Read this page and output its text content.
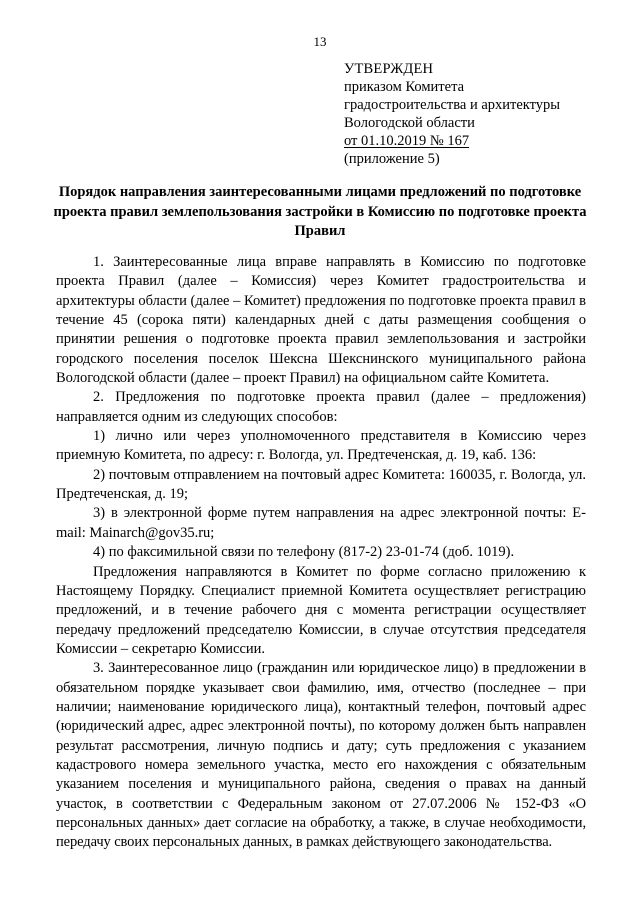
13
УТВЕРЖДЕН
приказом Комитета
градостроительства и архитектуры
Вологодской области
от 01.10.2019 № 167
(приложение 5)
Порядок направления заинтересованными лицами предложений по подготовке проекта правил землепользования застройки в Комиссию по подготовке проекта Правил

1. Заинтересованные лица вправе направлять в Комиссию по подготовке проекта Правил (далее – Комиссия) через Комитет градостроительства и архитектуры области (далее – Комитет) предложения по подготовке проекта правил в течение 45 (сорока пяти) календарных дней с даты размещения сообщения о принятии решения о подготовке проекта правил землепользования и застройки городского поселения поселок Шексна Шекснинского муниципального района Вологодской области (далее – проект Правил) на официальном сайте Комитета.

2. Предложения по подготовке проекта правил (далее – предложения) направляется одним из следующих способов:

1) лично или через уполномоченного представителя в Комиссию через приемную Комитета, по адресу: г. Вологда, ул. Предтеченская, д. 19, каб. 136:

2) почтовым отправлением на почтовый адрес Комитета: 160035, г. Вологда, ул. Предтеченская, д. 19;

3) в электронной форме путем направления на адрес электронной почты: E-mail: Mainarch@gov35.ru;

4) по факсимильной связи по телефону (817-2) 23-01-74 (доб. 1019).

Предложения направляются в Комитет по форме согласно приложению к Настоящему Порядку. Специалист приемной Комитета осуществляет регистрацию предложений, и в течение рабочего дня с момента регистрации осуществляет передачу предложений председателю Комиссии, в случае отсутствия председателя Комиссии – секретарю Комиссии.

3. Заинтересованное лицо (гражданин или юридическое лицо) в предложении в обязательном порядке указывает свои фамилию, имя, отчество (последнее – при наличии; наименование юридического лица), контактный телефон, почтовый адрес (юридический адрес, адрес электронной почты), по которому должен быть направлен результат рассмотрения, личную подпись и дату; суть предложения с указанием кадастрового номера земельного участка, место его нахождения с обязательным указанием поселения и муниципального района, сведения о правах на данный участок, в соответствии с Федеральным законом от 27.07.2006 № 152-ФЗ «О персональных данных» дает согласие на обработку, а также, в случае необходимости, передачу своих персональных данных, в рамках действующего законодательства.
